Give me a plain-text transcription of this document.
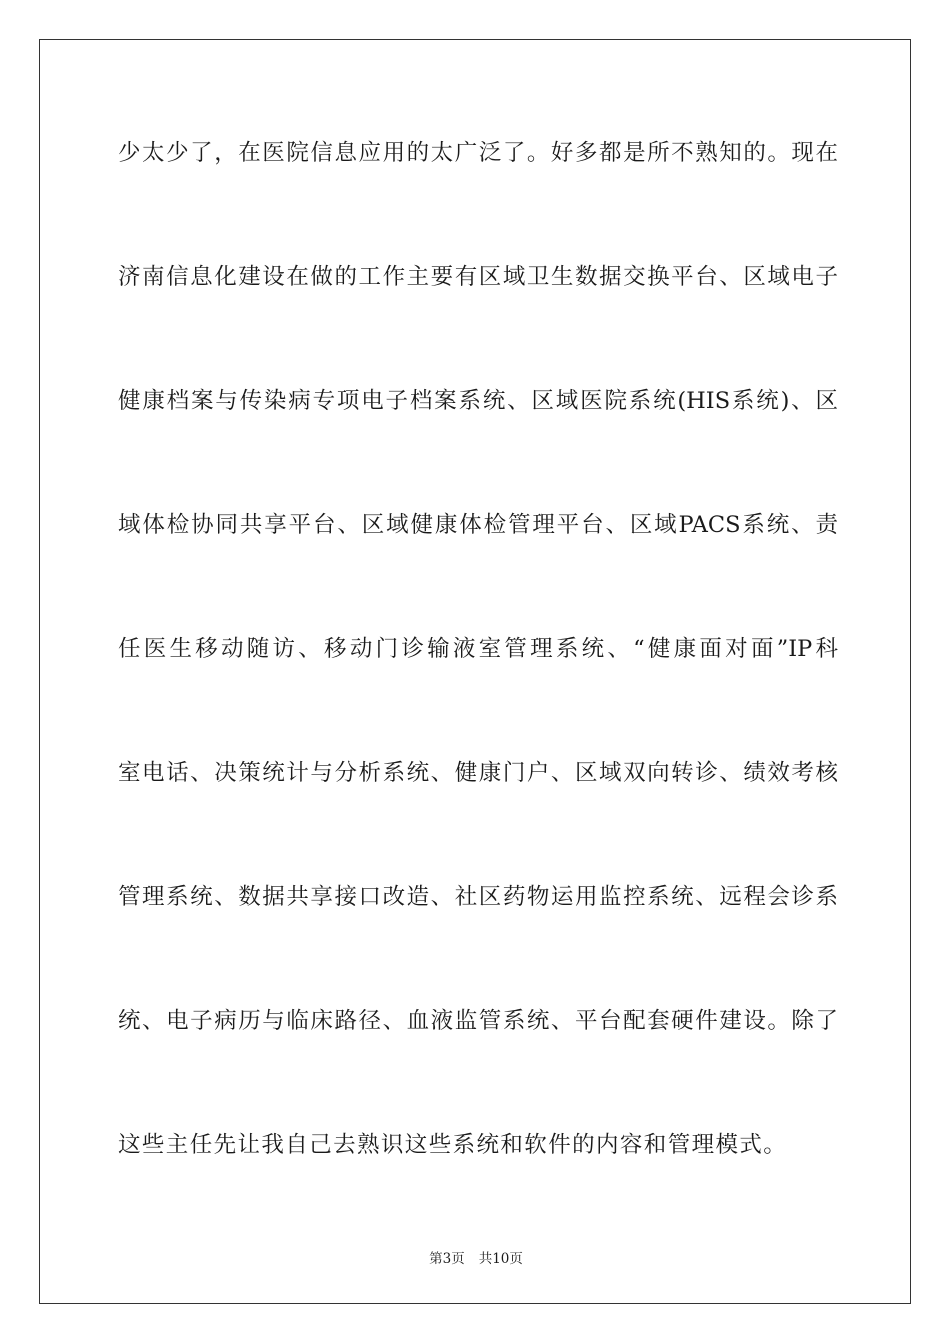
少太少了，在医院信息应用的太广泛了。好多都是所不熟知的。现在
济南信息化建设在做的工作主要有区域卫生数据交换平台、区域电子
健康档案与传染病专项电子档案系统、区域医院系统(HIS系统)、区
域体检协同共享平台、区域健康体检管理平台、区域PACS系统、责
任医生移动随访、移动门诊输液室管理系统、“健康面对面”IP科
室电话、决策统计与分析系统、健康门户、区域双向转诊、绩效考核
管理系统、数据共享接口改造、社区药物运用监控系统、远程会诊系
统、电子病历与临床路径、血液监管系统、平台配套硬件建设。除了
这些主任先让我自己去熟识这些系统和软件的内容和管理模式。
第3页 共10页
